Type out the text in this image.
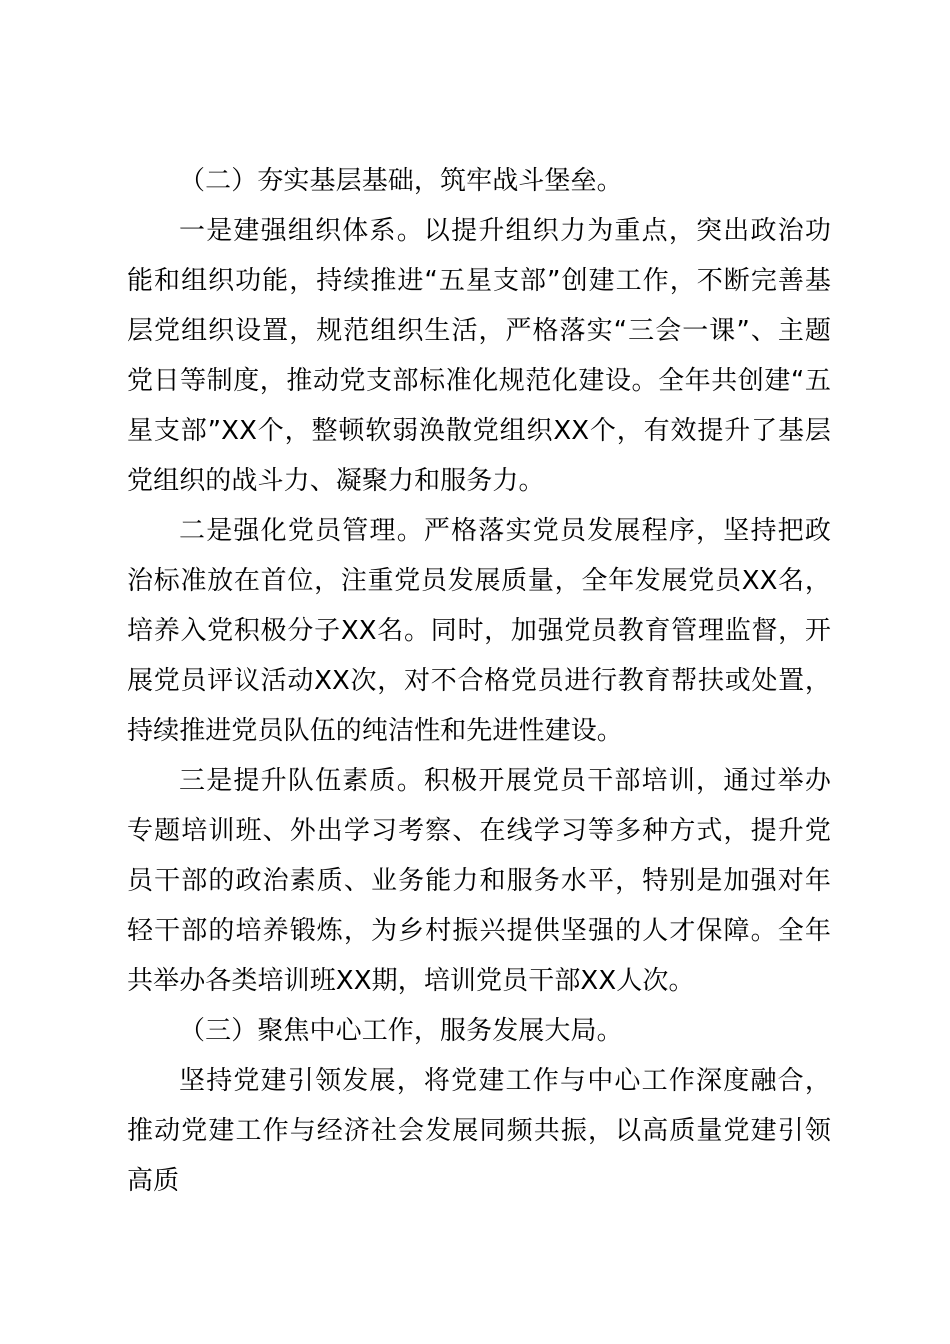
（二）夯实基层基础，筑牢战斗堡垒。

一是建强组织体系。以提升组织力为重点，突出政治功能和组织功能，持续推进“五星支部”创建工作，不断完善基层党组织设置，规范组织生活，严格落实“三会一课”、主题党日等制度，推动党支部标准化规范化建设。全年共创建“五星支部”XX个，整顿软弱涣散党组织XX个，有效提升了基层党组织的战斗力、凝聚力和服务力。

二是强化党员管理。严格落实党员发展程序，坚持把政治标准放在首位，注重党员发展质量，全年发展党员XX名，培养入党积极分子XX名。同时，加强党员教育管理监督，开展党员评议活动XX次，对不合格党员进行教育帮扶或处置，持续推进党员队伍的纯洁性和先进性建设。

三是提升队伍素质。积极开展党员干部培训，通过举办专题培训班、外出学习考察、在线学习等多种方式，提升党员干部的政治素质、业务能力和服务水平，特别是加强对年轻干部的培养锻炼，为乡村振兴提供坚强的人才保障。全年共举办各类培训班XX期，培训党员干部XX人次。

（三）聚焦中心工作，服务发展大局。

坚持党建引领发展，将党建工作与中心工作深度融合，推动党建工作与经济社会发展同频共振，以高质量党建引领高质
